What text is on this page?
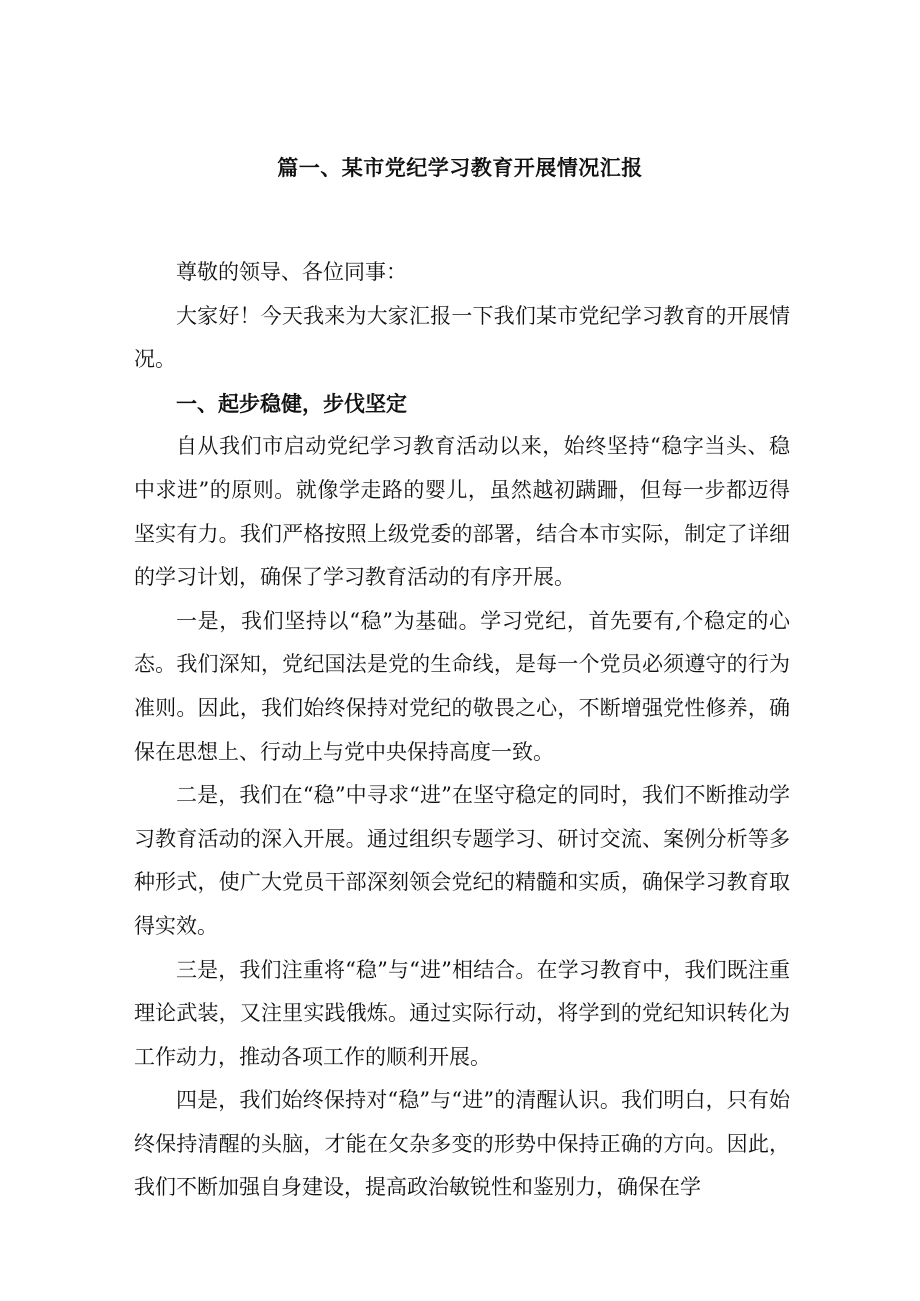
篇一、某市党纪学习教育开展情况汇报

尊敬的领导、各位同事：

大家好！今天我来为大家汇报一下我们某市党纪学习教育的开展情况。

一、起步稳健，步伐坚定

自从我们市启动党纪学习教育活动以来，始终坚持“稳字当头、稳中求进”的原则。就像学走路的婴儿，虽然越初蹒跚，但每一步都迈得坚实有力。我们严格按照上级党委的部署，结合本市实际，制定了详细的学习计划，确保了学习教育活动的有序开展。

一是，我们坚持以“稳”为基础。学习党纪，首先要有,个稳定的心态。我们深知，党纪国法是党的生命线，是每一个党员必须遵守的行为准则。因此，我们始终保持对党纪的敬畏之心，不断增强党性修养，确保在思想上、行动上与党中央保持高度一致。

二是，我们在“稳”中寻求“进”在坚守稳定的同时，我们不断推动学习教育活动的深入开展。通过组织专题学习、研讨交流、案例分析等多种形式，使广大党员干部深刻领会党纪的精髓和实质，确保学习教育取得实效。

三是，我们注重将“稳”与“进”相结合。在学习教育中，我们既注重理论武装，又注里实践俄炼。通过实际行动，将学到的党纪知识转化为工作动力，推动各项工作的顺利开展。

四是，我们始终保持对“稳”与“进”的清醒认识。我们明白，只有始终保持清醒的头脑，才能在攵杂多变的形势中保持正确的方向。因此，我们不断加强自身建设，提高政治敏锐性和鉴别力，确保在学
